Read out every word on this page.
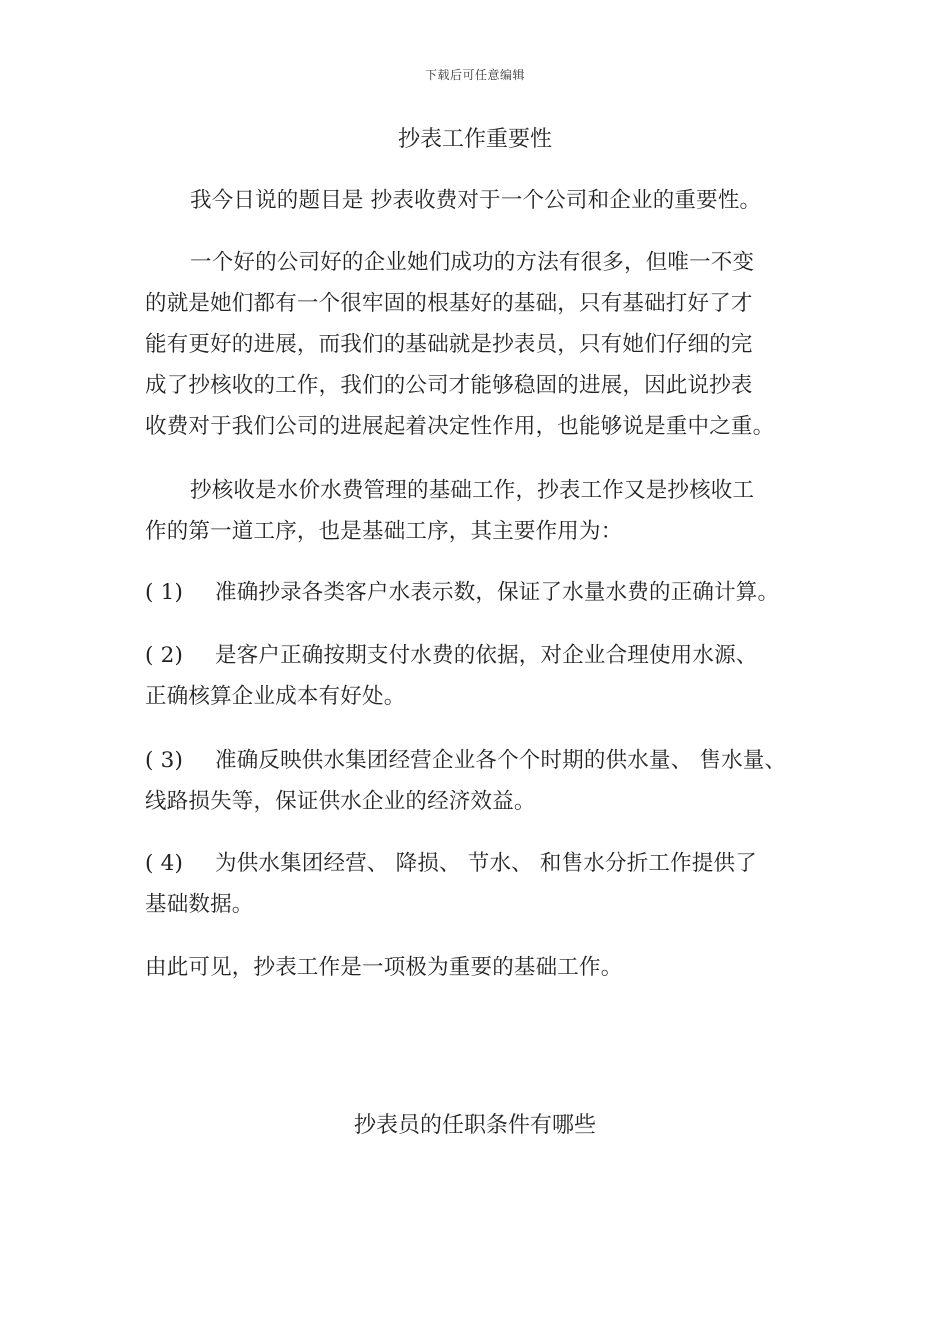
下载后可任意编辑
抄表工作重要性

我今日说的题目是 抄表收费对于一个公司和企业的重要性。

一个好的公司好的企业她们成功的方法有很多，但唯一不变
的就是她们都有一个很牢固的根基好的基础，只有基础打好了才
能有更好的进展，而我们的基础就是抄表员，只有她们仔细的完
成了抄核收的工作，我们的公司才能够稳固的进展，因此说抄表
收费对于我们公司的进展起着决定性作用，也能够说是重中之重。
抄核收是水价水费管理的基础工作，抄表工作又是抄核收工
作的第一道工序，也是基础工序，其主要作用为：
( 1) 准确抄录各类客户水表示数，保证了水量水费的正确计算。
( 2) 是客户正确按期支付水费的依据，对企业合理使用水源、
正确核算企业成本有好处。
( 3) 准确反映供水集团经营企业各个个时期的供水量、 售水量、
线路损失等，保证供水企业的经济效益。
( 4) 为供水集团经营、 降损、 节水、 和售水分折工作提供了
基础数据。
由此可见，抄表工作是一项极为重要的基础工作。
抄表员的任职条件有哪些
